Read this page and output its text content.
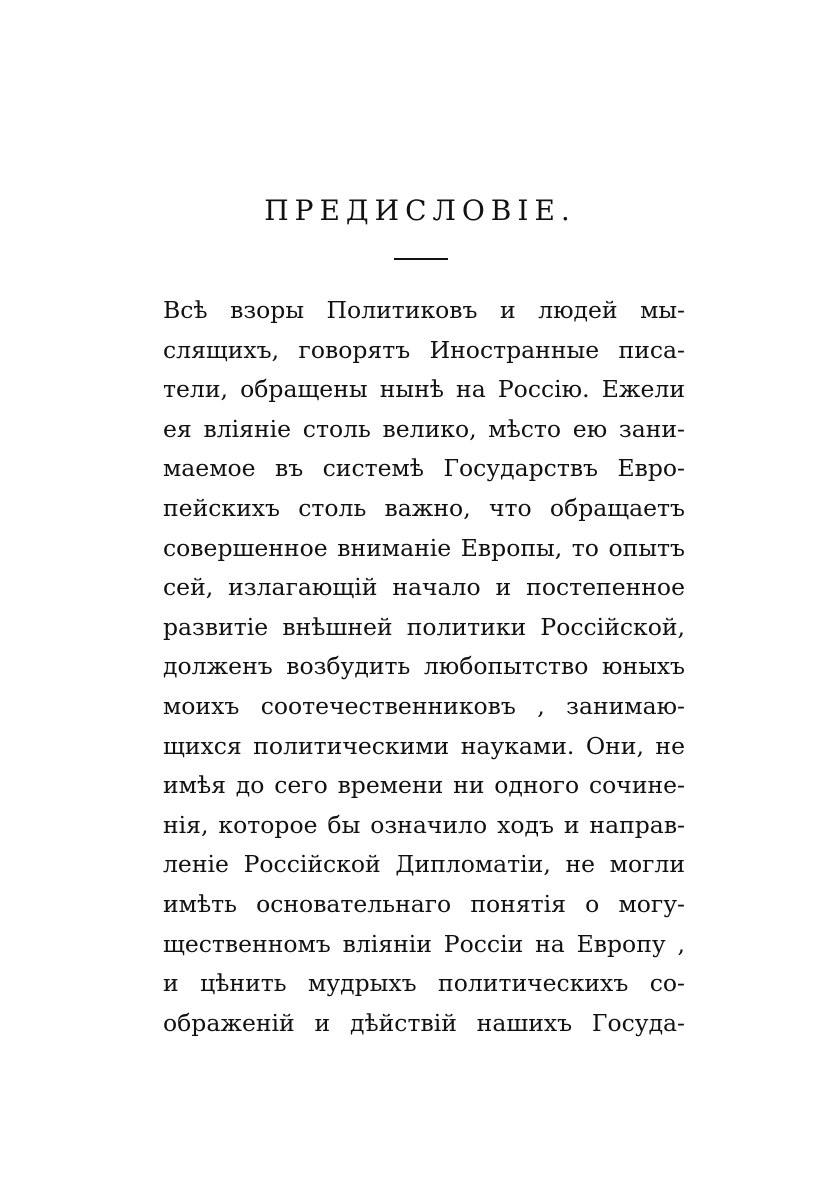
ПРЕДИСЛОВІЕ.
Всѣ взоры Политиковъ и людей мы-
слящихъ, говорятъ Иностранные писа-
тели, обращены нынѣ на Россію. Ежели
ея вліяніе столь велико, мѣсто ею зани-
маемое въ системѣ Государствъ Евро-
пейскихъ столь важно, что обращаетъ
совершенное вниманіе Европы, то опытъ
сей, излагающій начало и постепенное
развитіе внѣшней политики Россійской,
долженъ возбудить любопытство юныхъ
моихъ соотечественниковъ , занимаю-
щихся политическими науками. Они, не
имѣя до сего времени ни одного сочине-
нія, которое бы означило ходъ и направ-
леніе Россійской Дипломатіи, не могли
имѣть основательнаго понятія о могу-
щественномъ вліяніи Россіи на Европу ,
и цѣнить мудрыхъ политическихъ со-
ображеній и дѣйствій нашихъ Госуда-
